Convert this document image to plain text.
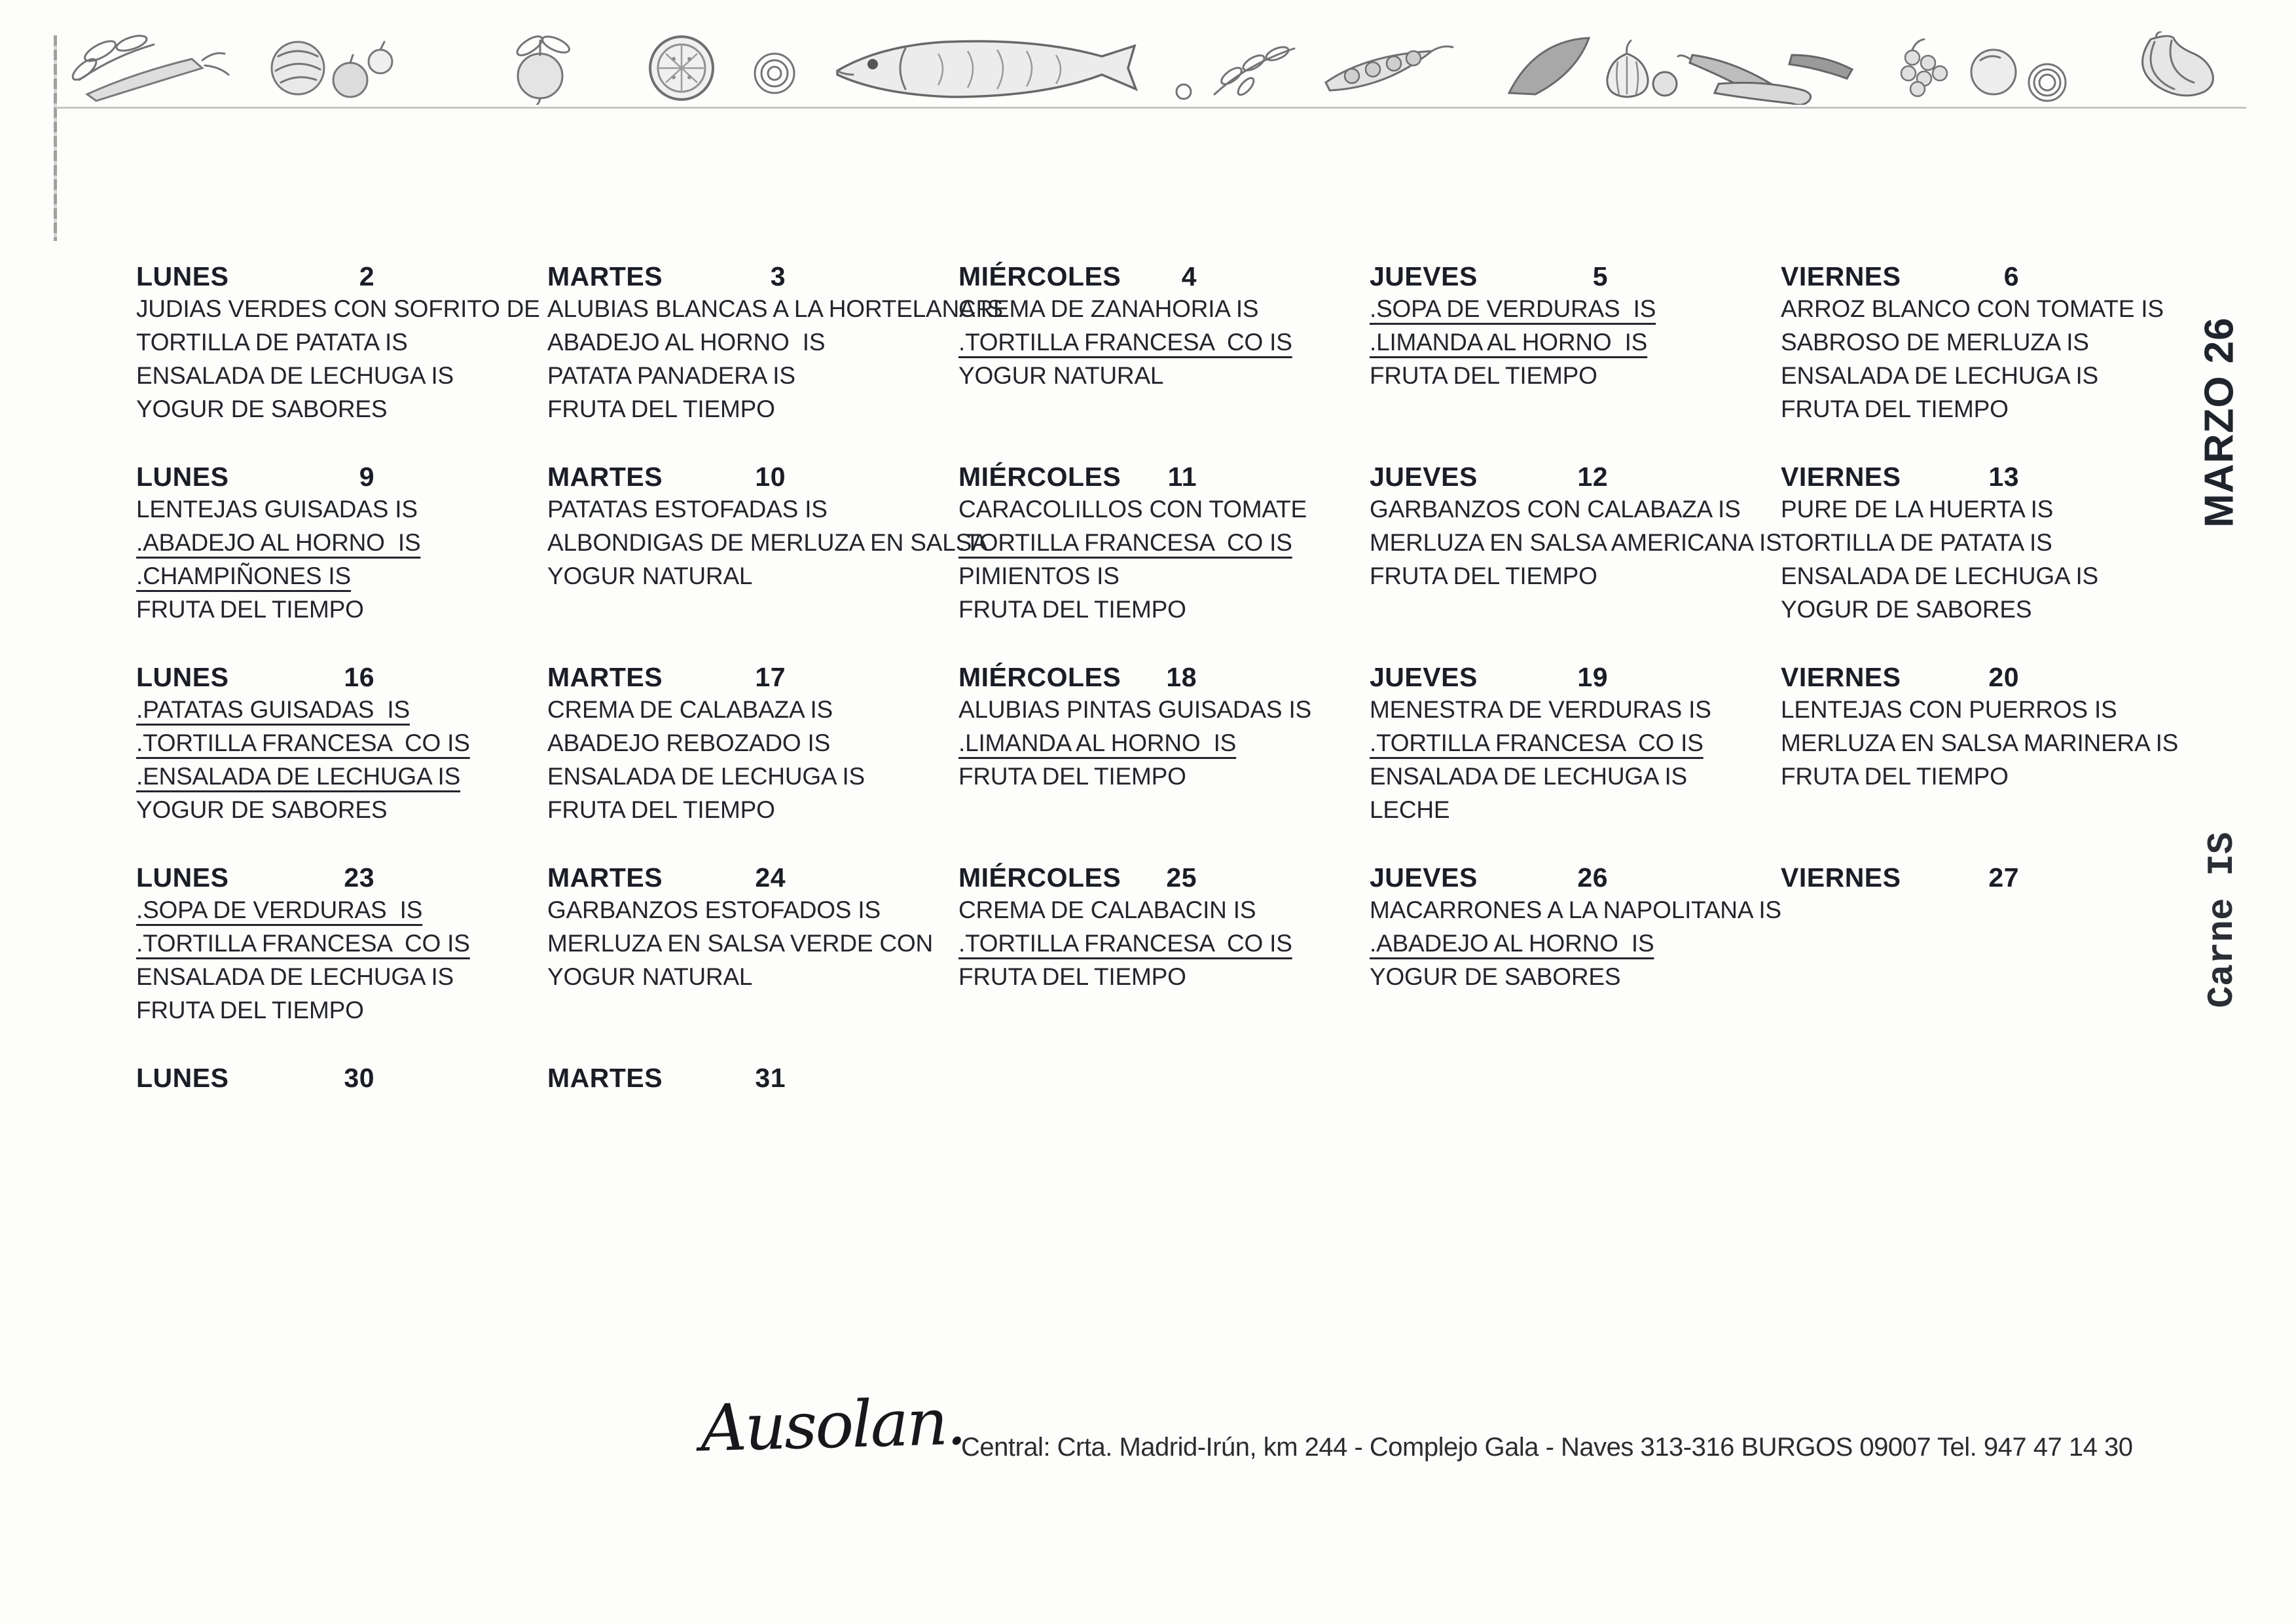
LUNES	2
JUDIAS VERDES CON SOFRITO DE
TORTILLA DE PATATA IS
ENSALADA DE LECHUGA IS
YOGUR DE SABORES
MARTES	3
ALUBIAS BLANCAS A LA HORTELANA IS
ABADEJO AL HORNO  IS
PATATA PANADERA IS
FRUTA DEL TIEMPO
MIÉRCOLES 4
CREMA DE ZANAHORIA IS
.TORTILLA FRANCESA  CO IS
YOGUR NATURAL
JUEVES	5
.SOPA DE VERDURAS  IS
.LIMANDA AL HORNO  IS
FRUTA DEL TIEMPO
VIERNES	6
ARROZ BLANCO CON TOMATE IS
SABROSO DE MERLUZA IS
ENSALADA DE LECHUGA IS
FRUTA DEL TIEMPO
LUNES	9
LENTEJAS GUISADAS IS
.ABADEJO AL HORNO  IS
.CHAMPIÑONES IS
FRUTA DEL TIEMPO
MARTES	10
PATATAS ESTOFADAS IS
ALBONDIGAS DE MERLUZA EN SALSA
YOGUR NATURAL
MIÉRCOLES 11
CARACOLILLOS CON TOMATE
.TORTILLA FRANCESA  CO IS
PIMIENTOS IS
FRUTA DEL TIEMPO
JUEVES	12
GARBANZOS CON CALABAZA IS
MERLUZA EN SALSA AMERICANA IS
FRUTA DEL TIEMPO
VIERNES	13
PURE DE LA HUERTA IS
TORTILLA DE PATATA IS
ENSALADA DE LECHUGA IS
YOGUR DE SABORES
LUNES	16
.PATATAS GUISADAS  IS
.TORTILLA FRANCESA  CO IS
.ENSALADA DE LECHUGA IS
YOGUR DE SABORES
MARTES	17
CREMA DE CALABAZA IS
ABADEJO REBOZADO IS
ENSALADA DE LECHUGA IS
FRUTA DEL TIEMPO
MIÉRCOLES 18
ALUBIAS PINTAS GUISADAS IS
.LIMANDA AL HORNO  IS
FRUTA DEL TIEMPO
JUEVES	19
MENESTRA DE VERDURAS IS
.TORTILLA FRANCESA  CO IS
ENSALADA DE LECHUGA IS
LECHE
VIERNES	20
LENTEJAS CON PUERROS IS
MERLUZA EN SALSA MARINERA IS
FRUTA DEL TIEMPO
LUNES	23
.SOPA DE VERDURAS  IS
.TORTILLA FRANCESA  CO IS
ENSALADA DE LECHUGA IS
FRUTA DEL TIEMPO
MARTES	24
GARBANZOS ESTOFADOS IS
MERLUZA EN SALSA VERDE CON
YOGUR NATURAL
MIÉRCOLES 25
CREMA DE CALABACIN IS
.TORTILLA FRANCESA  CO IS
FRUTA DEL TIEMPO
JUEVES	26
MACARRONES A LA NAPOLITANA IS
.ABADEJO AL HORNO  IS
YOGUR DE SABORES
VIERNES	27
LUNES	30	MARTES	31
MARZO 26
Carne IS
Ausolan.
Central: Crta. Madrid-Irún, km 244 - Complejo Gala - Naves 313-316 BURGOS 09007 Tel. 947 47 14 30
